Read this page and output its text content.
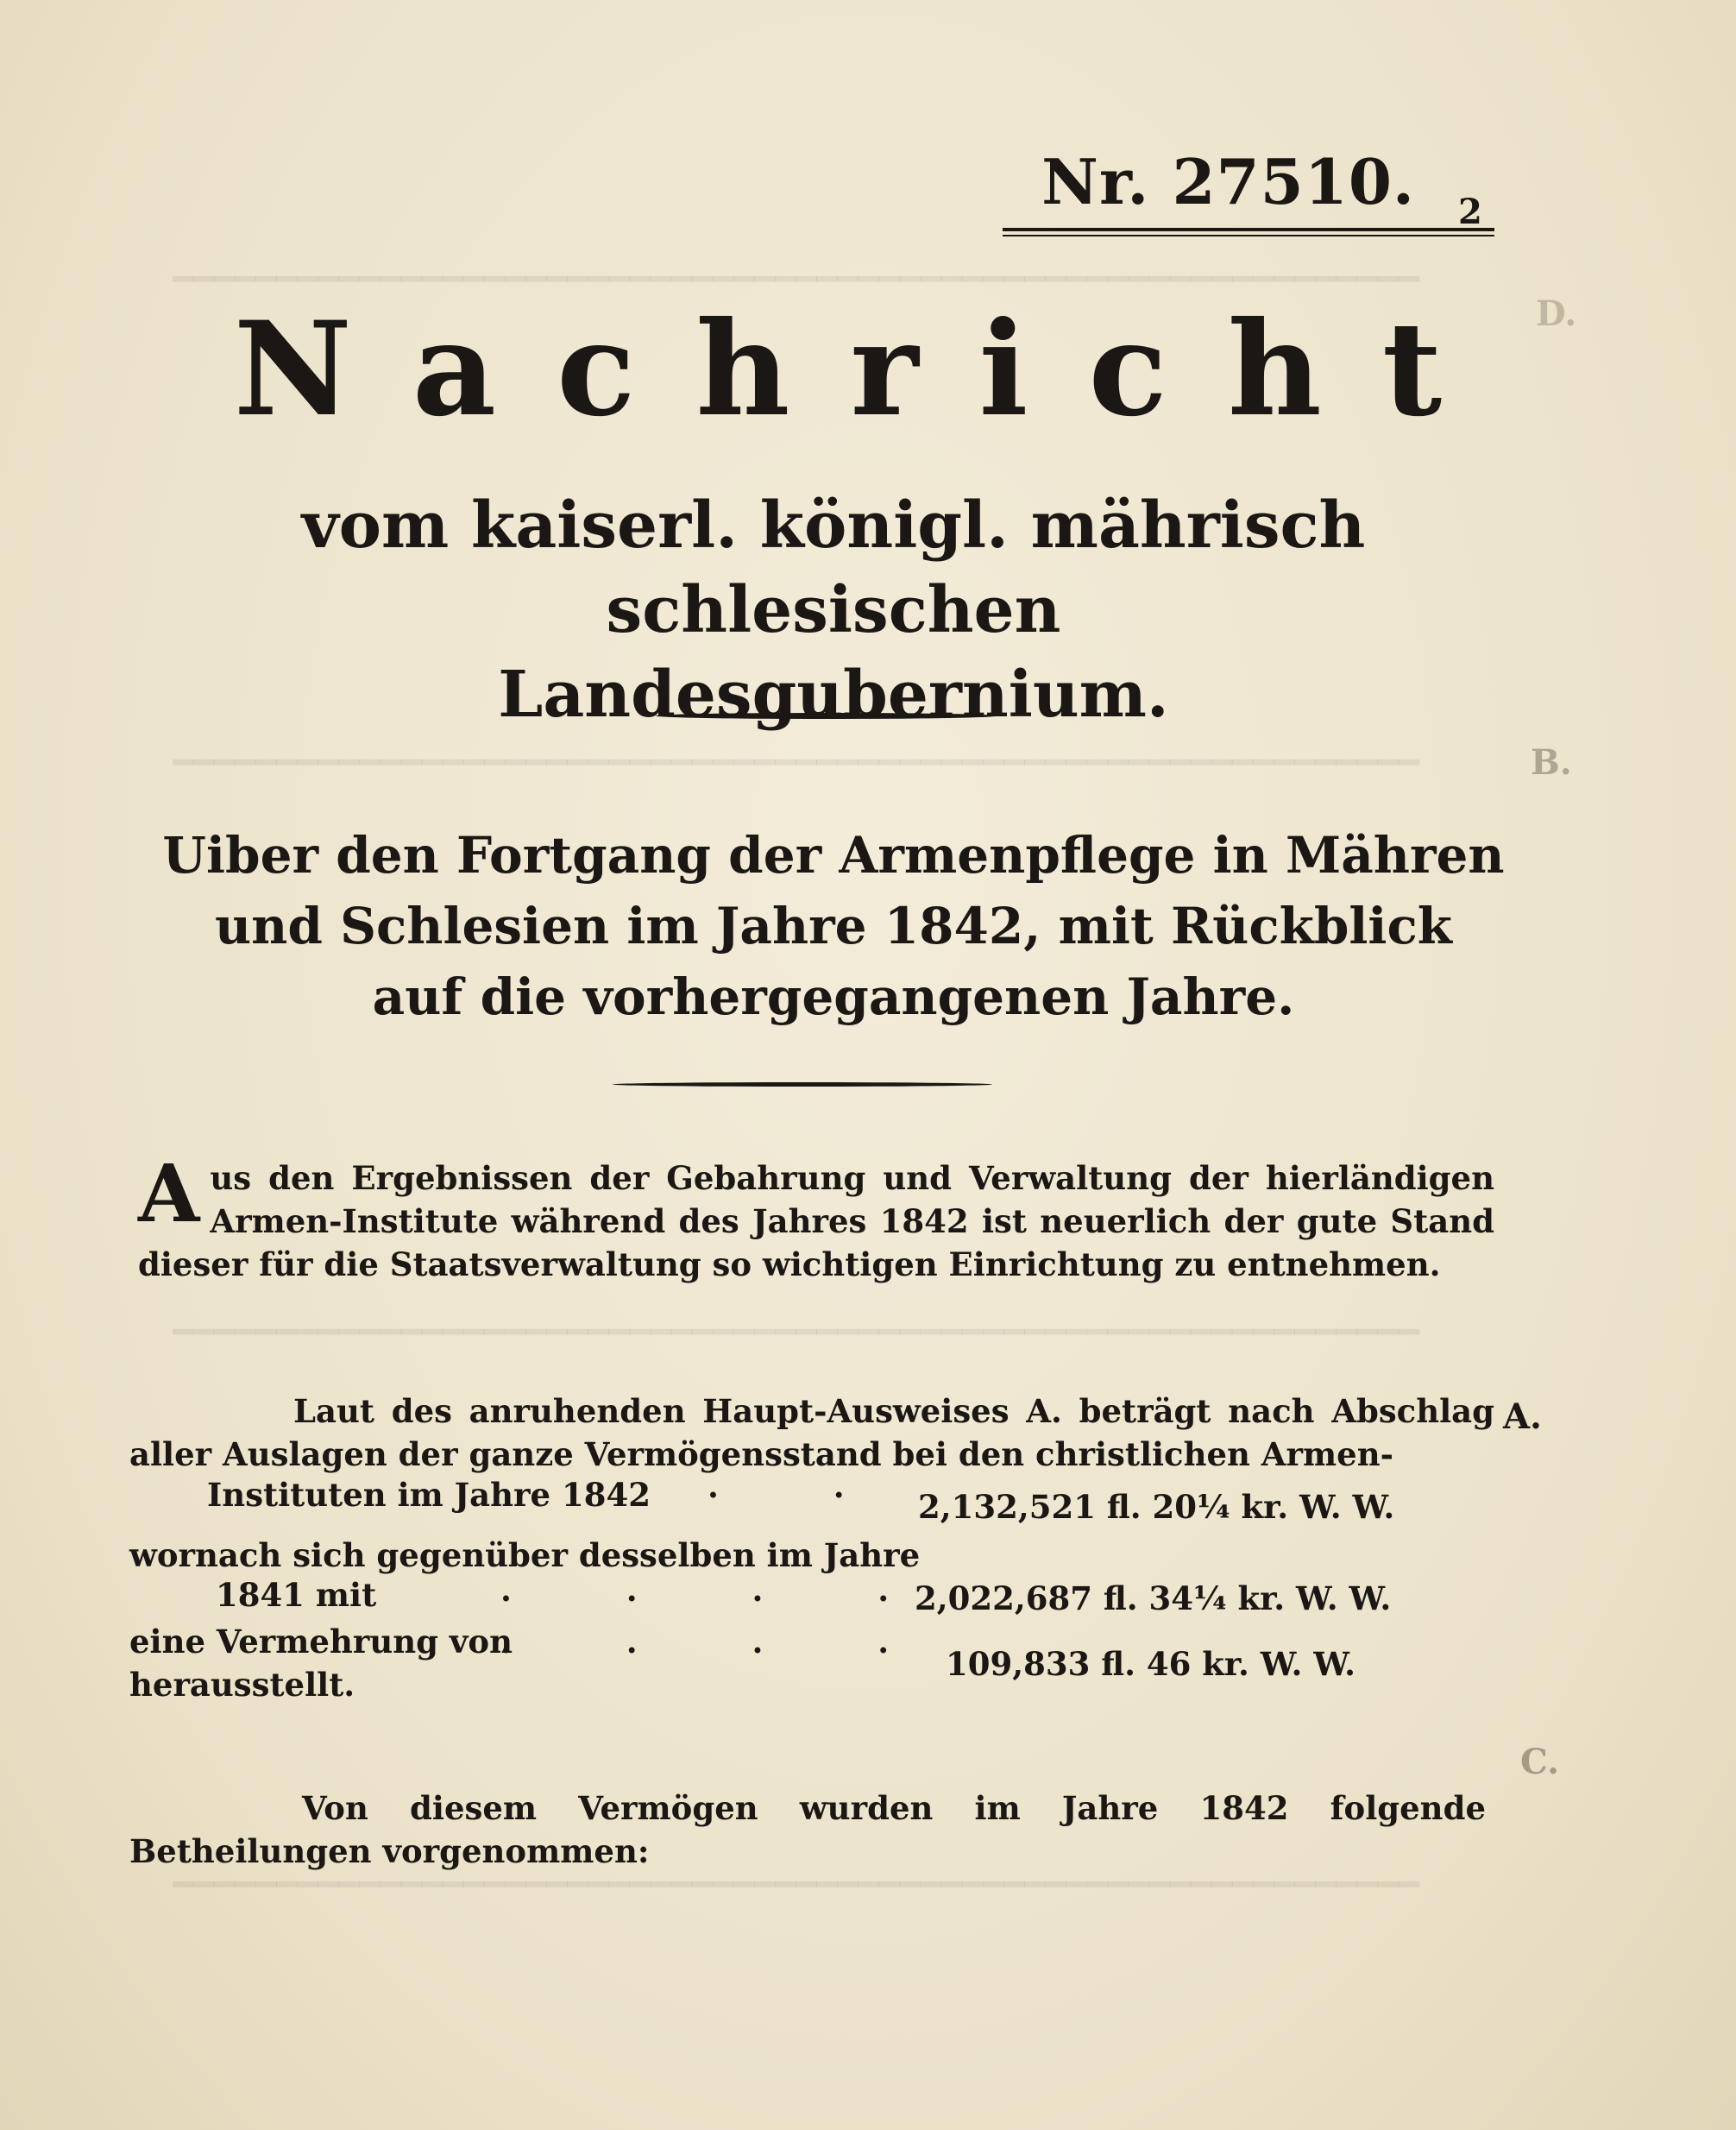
━━━━━━━━━━━━━━━━━━━━━━━━━━━━━━━━━━━━━━━━━━━━━━━━━━━━━━━━━━━━
━━━━━━━━━━━━━━━━━━━━━━━━━━━━━━━━━━━━━━━━━━━━━━━━━━━━━━━━━━━━
━━━━━━━━━━━━━━━━━━━━━━━━━━━━━━━━━━━━━━━━━━━━━━━━━━━━━━━━━━━━
━━━━━━━━━━━━━━━━━━━━━━━━━━━━━━━━━━━━━━━━━━━━━━━━━━━━━━━━━━━━
Nr. 27510. 2
Nachricht
vom kaiserl. königl. mährisch schlesischen
Landesgubernium.
Uiber den Fortgang der Armenpflege in Mähren
und Schlesien im Jahre 1842, mit Rückblick
auf die vorhergegangenen Jahre.
A us den Ergebnissen der Gebahrung und Verwaltung der hierländigen Armen-Institute während des Jahres 1842 ist neuerlich der gute Stand dieser für die Staatsverwaltung so wichtigen Einrichtung zu entnehmen.
Laut des anruhenden Haupt-Ausweises A. beträgt nach Abschlag aller Auslagen der ganze Vermögensstand bei den christlichen Armen-
A.
Instituten im Jahre 1842 . .
2,132,521 fl. 20¼ kr. W. W.
wornach sich gegenüber desselben im Jahre
1841 mit	. . . .
2,022,687 fl. 34¼ kr. W. W.
eine Vermehrung von
. . . .
109,833 fl. 46 kr. W. W.
herausstellt.
Von diesem Vermögen wurden im Jahre 1842 folgende Betheilungen vorgenommen:
D.
B.
C.
